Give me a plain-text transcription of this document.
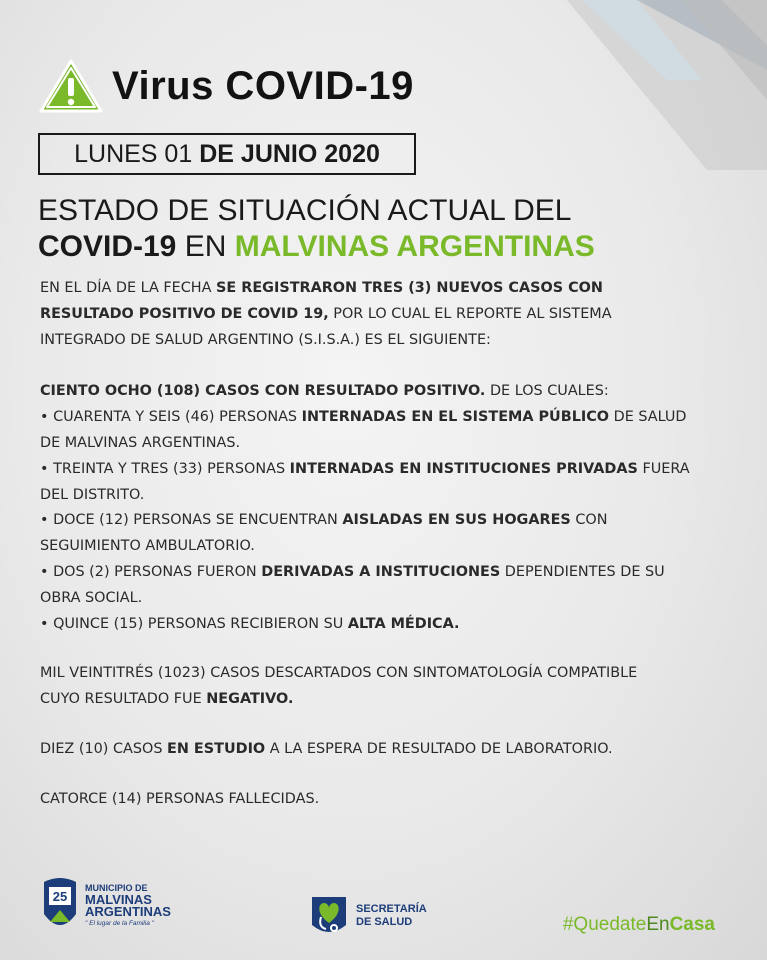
Virus COVID-19
LUNES 01 DE JUNIO 2020
ESTADO DE SITUACIÓN ACTUAL DEL
COVID-19 EN MALVINAS ARGENTINAS

EN EL DÍA DE LA FECHA SE REGISTRARON TRES (3) NUEVOS CASOS CON

RESULTADO POSITIVO DE COVID 19, POR LO CUAL EL REPORTE AL SISTEMA

INTEGRADO DE SALUD ARGENTINO (S.I.S.A.) ES EL SIGUIENTE:

CIENTO OCHO (108) CASOS CON RESULTADO POSITIVO. DE LOS CUALES:

• CUARENTA Y SEIS (46) PERSONAS INTERNADAS EN EL SISTEMA PÚBLICO DE SALUD

DE MALVINAS ARGENTINAS.

• TREINTA Y TRES (33) PERSONAS INTERNADAS EN INSTITUCIONES PRIVADAS FUERA

DEL DISTRITO.

• DOCE (12) PERSONAS SE ENCUENTRAN AISLADAS EN SUS HOGARES CON

SEGUIMIENTO AMBULATORIO.

• DOS (2) PERSONAS FUERON DERIVADAS A INSTITUCIONES DEPENDIENTES DE SU

OBRA SOCIAL.

• QUINCE (15) PERSONAS RECIBIERON SU ALTA MÉDICA.

MIL VEINTITRÉS (1023) CASOS DESCARTADOS CON SINTOMATOLOGÍA COMPATIBLE

CUYO RESULTADO FUE NEGATIVO.

DIEZ (10) CASOS EN ESTUDIO A LA ESPERA DE RESULTADO DE LABORATORIO.

CATORCE (14) PERSONAS FALLECIDAS.

25
MUNICIPIO DE
MALVINAS
ARGENTINAS
" El lugar de la Familia "
SECRETARÍA
DE SALUD	#QuedateEnCasa
